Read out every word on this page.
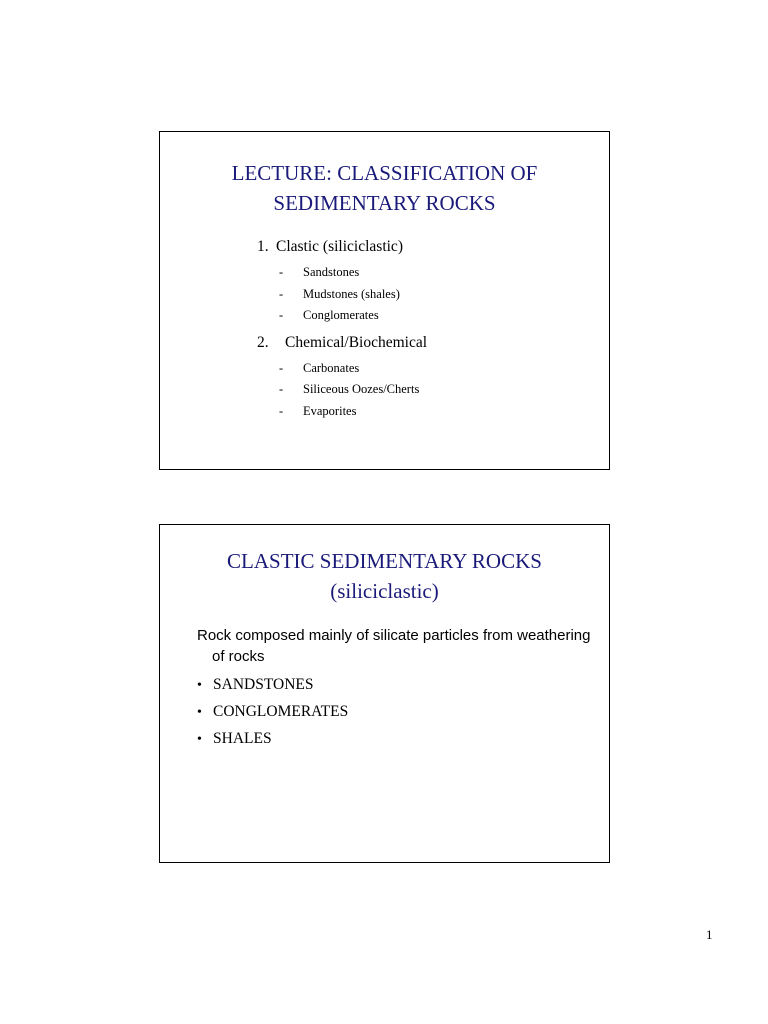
LECTURE: CLASSIFICATION OF
SEDIMENTARY ROCKS

1. Clastic (siliciclastic)

- Sandstones
- Mudstones (shales)
- Conglomerates

2. Chemical/Biochemical

- Carbonates
- Siliceous Oozes/Cherts
- Evaporites
CLASTIC SEDIMENTARY ROCKS
(siliciclastic)

Rock composed mainly of silicate particles from weathering of rocks

• SANDSTONES
• CONGLOMERATES
• SHALES
1
